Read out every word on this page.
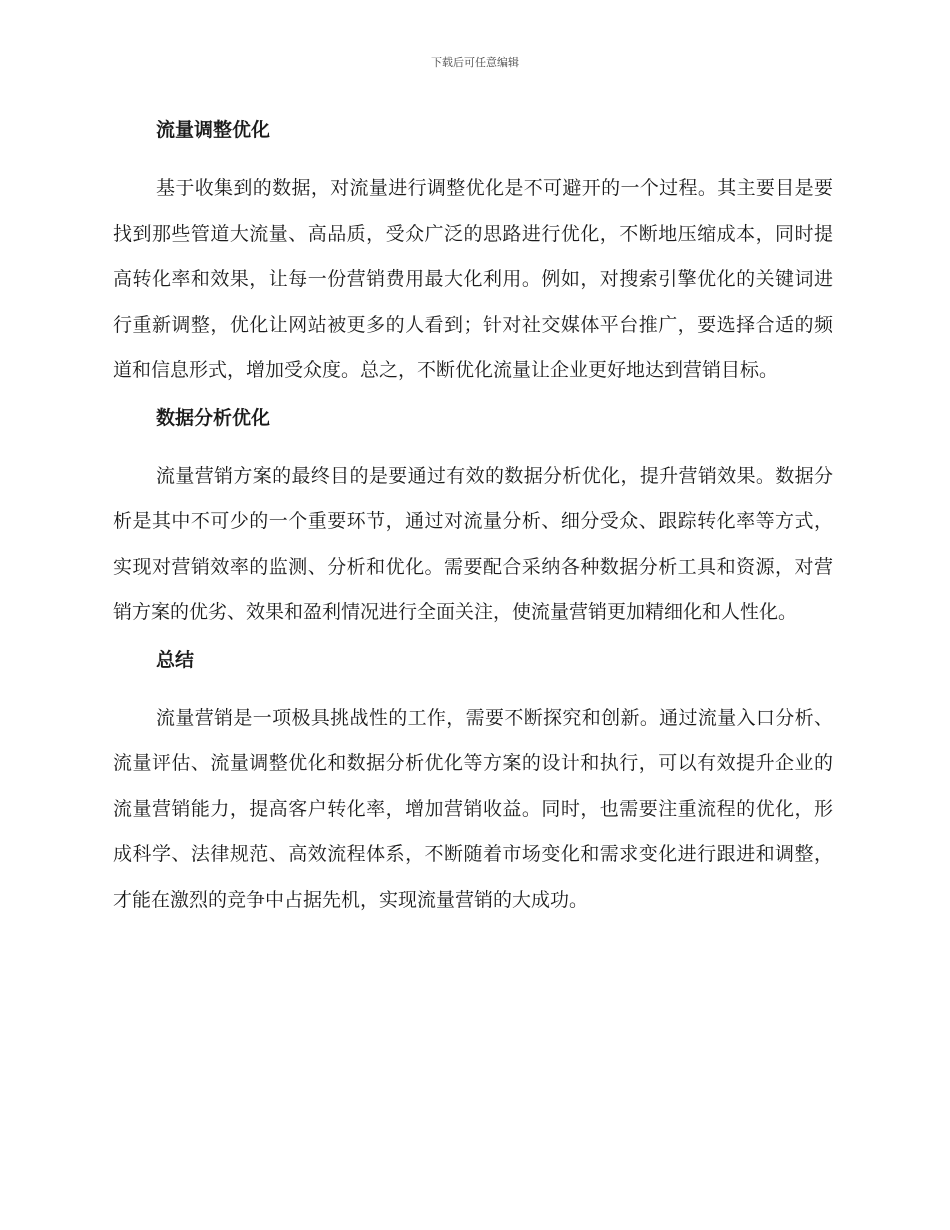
下载后可任意编辑
流量调整优化

基于收集到的数据，对流量进行调整优化是不可避开的一个过程。其主要目是要找到那些管道大流量、高品质，受众广泛的思路进行优化，不断地压缩成本，同时提高转化率和效果，让每一份营销费用最大化利用。例如，对搜索引擎优化的关键词进行重新调整，优化让网站被更多的人看到；针对社交媒体平台推广，要选择合适的频道和信息形式，增加受众度。总之，不断优化流量让企业更好地达到营销目标。

数据分析优化

流量营销方案的最终目的是要通过有效的数据分析优化，提升营销效果。数据分析是其中不可少的一个重要环节，通过对流量分析、细分受众、跟踪转化率等方式，实现对营销效率的监测、分析和优化。需要配合采纳各种数据分析工具和资源，对营销方案的优劣、效果和盈利情况进行全面关注，使流量营销更加精细化和人性化。

总结

流量营销是一项极具挑战性的工作，需要不断探究和创新。通过流量入口分析、流量评估、流量调整优化和数据分析优化等方案的设计和执行，可以有效提升企业的流量营销能力，提高客户转化率，增加营销收益。同时，也需要注重流程的优化，形成科学、法律规范、高效流程体系，不断随着市场变化和需求变化进行跟进和调整，才能在激烈的竞争中占据先机，实现流量营销的大成功。
